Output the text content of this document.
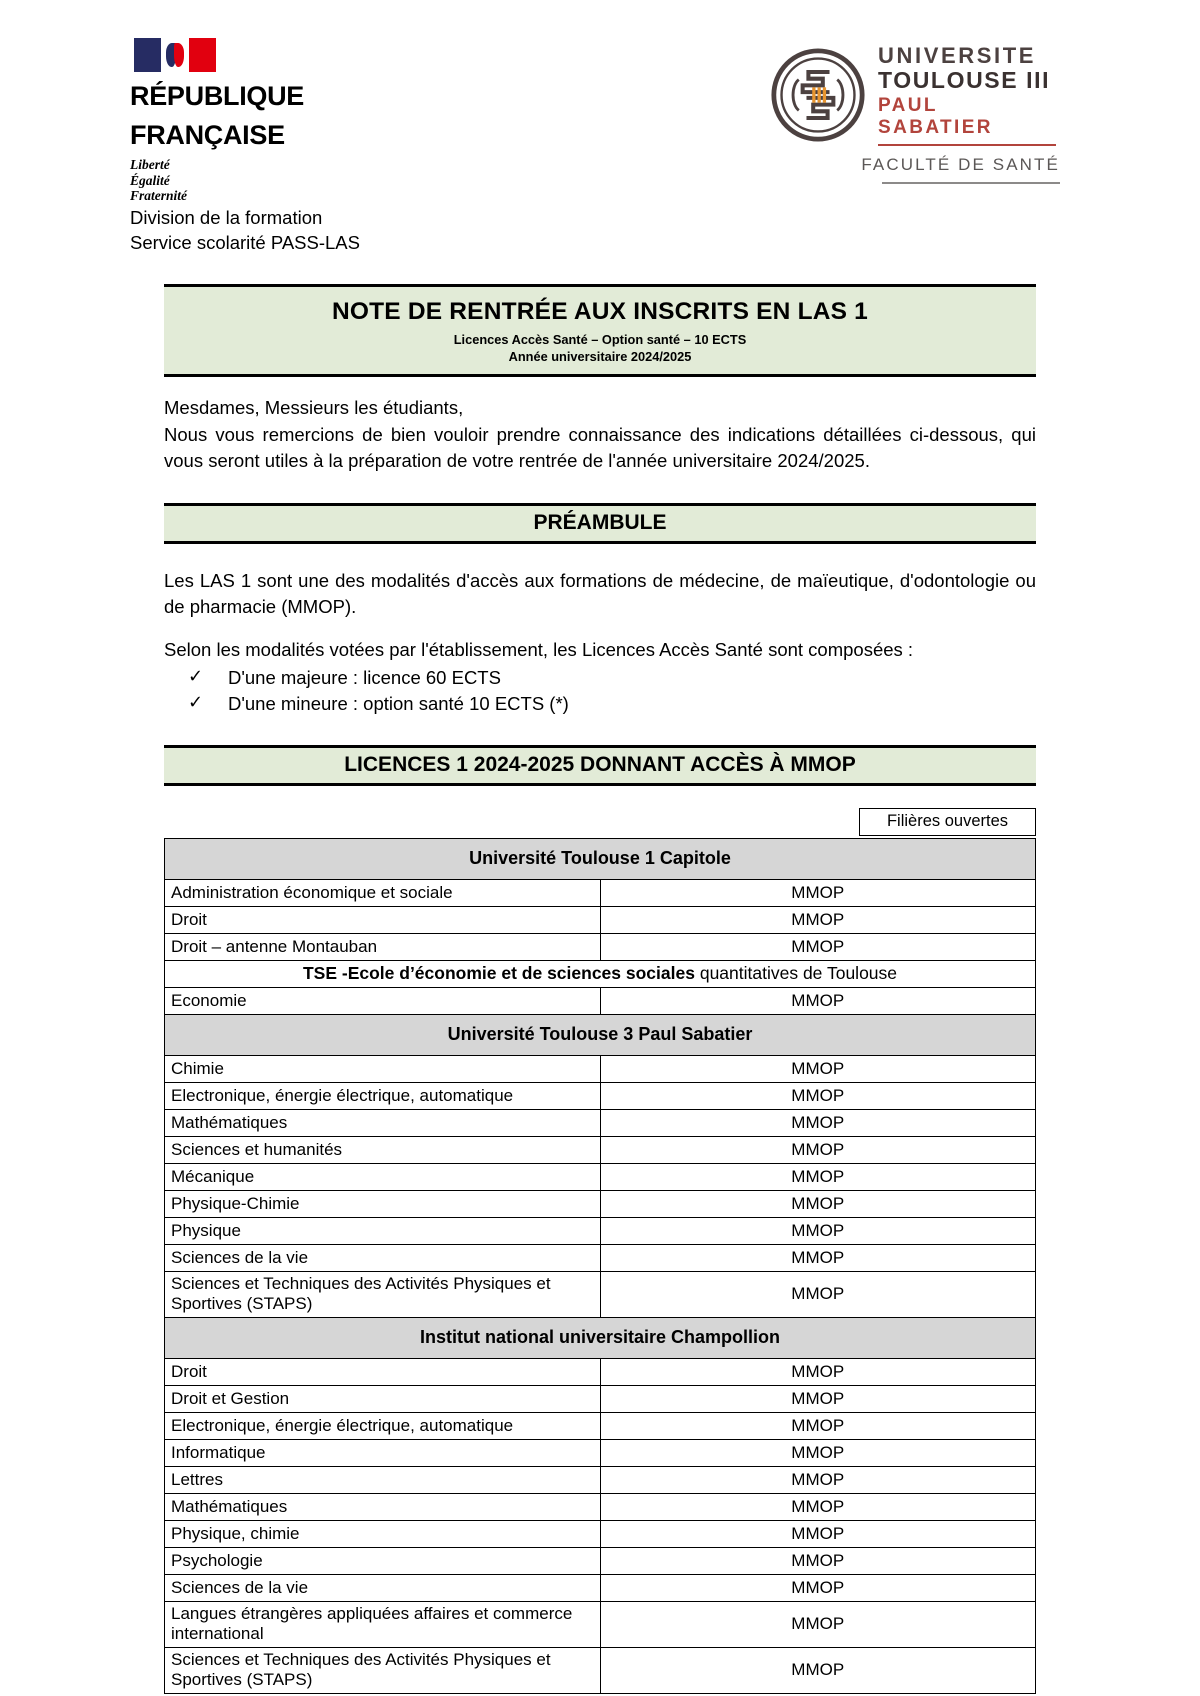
RÉPUBLIQUE
FRANÇAISE
Liberté
Égalité
Fraternité
UNIVERSITE
TOULOUSE III
PAUL SABATIER
FACULTÉ DE SANTÉ
Division de la formation
Service scolarité PASS-LAS
NOTE DE RENTRÉE AUX INSCRITS EN LAS 1
Licences Accès Santé – Option santé – 10 ECTS
Année universitaire 2024/2025
Mesdames, Messieurs les étudiants,
Nous vous remercions de bien vouloir prendre connaissance des indications détaillées ci-dessous, qui vous seront utiles à la préparation de votre rentrée de l'année universitaire 2024/2025.
PRÉAMBULE
Les LAS 1 sont une des modalités d'accès aux formations de médecine, de maïeutique, d'odontologie ou de pharmacie (MMOP).
Selon les modalités votées par l'établissement, les Licences Accès Santé sont composées :
✓ D'une majeure : licence 60 ECTS
✓ D'une mineure : option santé 10 ECTS (*)
LICENCES 1 2024-2025 DONNANT ACCÈS À MMOP
Filières ouvertes
Université Toulouse 1 Capitole	
Administration économique et sociale	MMOP
Droit	MMOP
Droit – antenne Montauban	MMOP
TSE -Ecole d’économie et de sciences sociales quantitatives de Toulouse	
Economie	MMOP
Université Toulouse 3 Paul Sabatier	
Chimie	MMOP
Electronique, énergie électrique, automatique	MMOP
Mathématiques	MMOP
Sciences et humanités	MMOP
Mécanique	MMOP
Physique-Chimie	MMOP
Physique	MMOP
Sciences de la vie	MMOP
Sciences et Techniques des Activités Physiques et Sportives (STAPS)	MMOP
Institut national universitaire Champollion	
Droit	MMOP
Droit et Gestion	MMOP
Electronique, énergie électrique, automatique	MMOP
Informatique	MMOP
Lettres	MMOP
Mathématiques	MMOP
Physique, chimie	MMOP
Psychologie	MMOP
Sciences de la vie	MMOP
Langues étrangères appliquées affaires et commerce international	MMOP
Sciences et Techniques des Activités Physiques et Sportives (STAPS)	MMOP
